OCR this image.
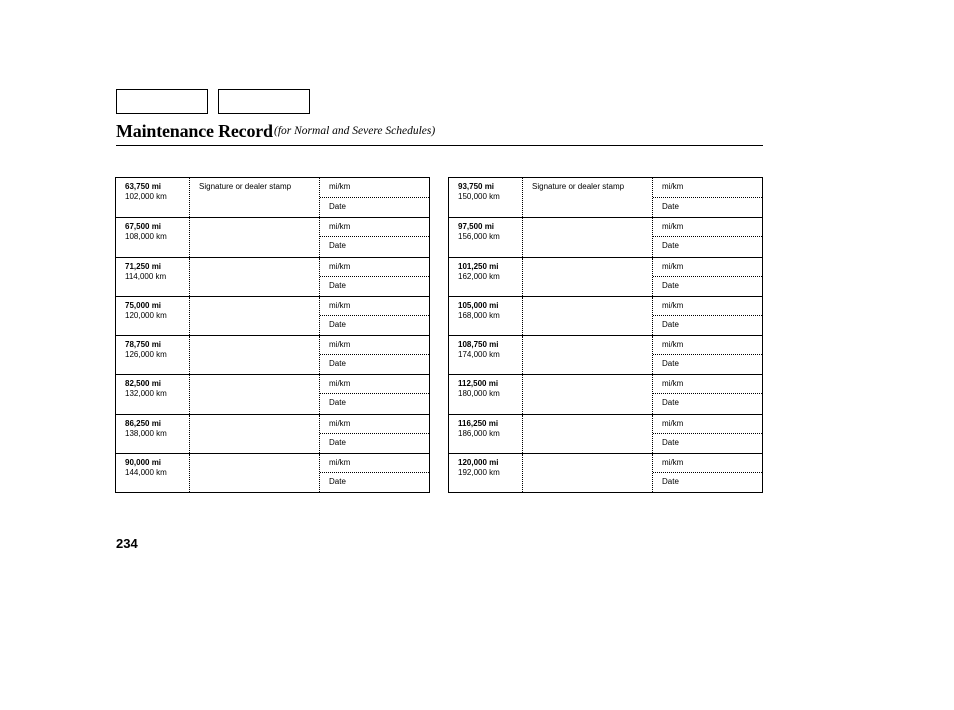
Maintenance Record (for Normal and Severe Schedules)
63,750 mi
102,000 km
Signature or dealer stamp	mi/km
Date
67,500 mi
108,000 km
mi/km
Date
71,250 mi
114,000 km
mi/km
Date
75,000 mi
120,000 km
mi/km
Date
78,750 mi
126,000 km
mi/km
Date
82,500 mi
132,000 km
mi/km
Date
86,250 mi
138,000 km
mi/km
Date
90,000 mi
144,000 km
mi/km
Date
93,750 mi
150,000 km
Signature or dealer stamp	mi/km
Date
97,500 mi
156,000 km
mi/km
Date
101,250 mi
162,000 km
mi/km
Date
105,000 mi
168,000 km
mi/km
Date
108,750 mi
174,000 km
mi/km
Date
112,500 mi
180,000 km
mi/km
Date
116,250 mi
186,000 km
mi/km
Date
120,000 mi
192,000 km
mi/km
Date
234
